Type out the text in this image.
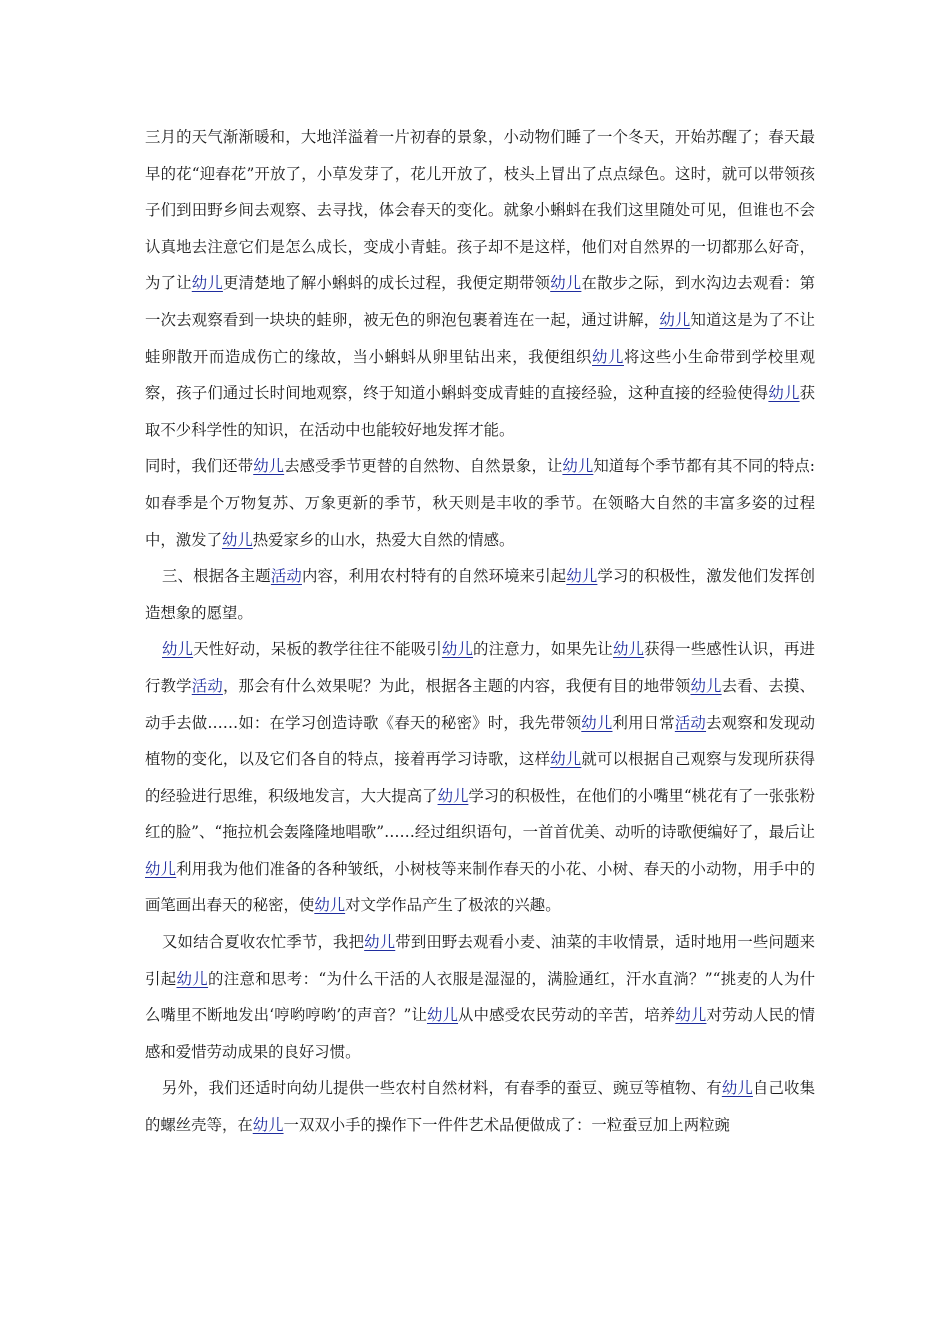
三月的天气渐渐暖和，大地洋溢着一片初春的景象，小动物们睡了一个冬天，开始苏醒了；春天最早的花“迎春花”开放了，小草发芽了，花儿开放了，枝头上冒出了点点绿色。这时，就可以带领孩子们到田野乡间去观察、去寻找，体会春天的变化。就象小蝌蚪在我们这里随处可见，但谁也不会认真地去注意它们是怎么成长，变成小青蛙。孩子却不是这样，他们对自然界的一切都那么好奇，为了让幼儿更清楚地了解小蝌蚪的成长过程，我便定期带领幼儿在散步之际，到水沟边去观看：第一次去观察看到一块块的蛙卵，被无色的卵泡包裹着连在一起，通过讲解，幼儿知道这是为了不让蛙卵散开而造成伤亡的缘故，当小蝌蚪从卵里钻出来，我便组织幼儿将这些小生命带到学校里观察，孩子们通过长时间地观察，终于知道小蝌蚪变成青蛙的直接经验，这种直接的经验使得幼儿获取不少科学性的知识，在活动中也能较好地发挥才能。

同时，我们还带幼儿去感受季节更替的自然物、自然景象，让幼儿知道每个季节都有其不同的特点:如春季是个万物复苏、万象更新的季节，秋天则是丰收的季节。在领略大自然的丰富多姿的过程中，激发了幼儿热爱家乡的山水，热爱大自然的情感。

三、根据各主题活动内容，利用农村特有的自然环境来引起幼儿学习的积极性，激发他们发挥创造想象的愿望。

幼儿天性好动，呆板的教学往往不能吸引幼儿的注意力，如果先让幼儿获得一些感性认识，再进行教学活动，那会有什么效果呢？为此，根据各主题的内容，我便有目的地带领幼儿去看、去摸、动手去做……如：在学习创造诗歌《春天的秘密》时，我先带领幼儿利用日常活动去观察和发现动植物的变化，以及它们各自的特点，接着再学习诗歌，这样幼儿就可以根据自己观察与发现所获得的经验进行思维，积级地发言，大大提高了幼儿学习的积极性，在他们的小嘴里“桃花有了一张张粉红的脸”、“拖拉机会轰隆隆地唱歌”……经过组织语句，一首首优美、动听的诗歌便编好了，最后让幼儿利用我为他们准备的各种皱纸，小树枝等来制作春天的小花、小树、春天的小动物，用手中的画笔画出春天的秘密，使幼儿对文学作品产生了极浓的兴趣。

又如结合夏收农忙季节，我把幼儿带到田野去观看小麦、油菜的丰收情景，适时地用一些问题来引起幼儿的注意和思考：“为什么干活的人衣服是湿湿的，满脸通红，汗水直淌？”“挑麦的人为什么嘴里不断地发出‘哼哟哼哟’的声音？”让幼儿从中感受农民劳动的辛苦，培养幼儿对劳动人民的情感和爱惜劳动成果的良好习惯。

另外，我们还适时向幼儿提供一些农村自然材料，有春季的蚕豆、豌豆等植物、有幼儿自己收集的螺丝壳等，在幼儿一双双小手的操作下一件件艺术品便做成了：一粒蚕豆加上两粒豌
